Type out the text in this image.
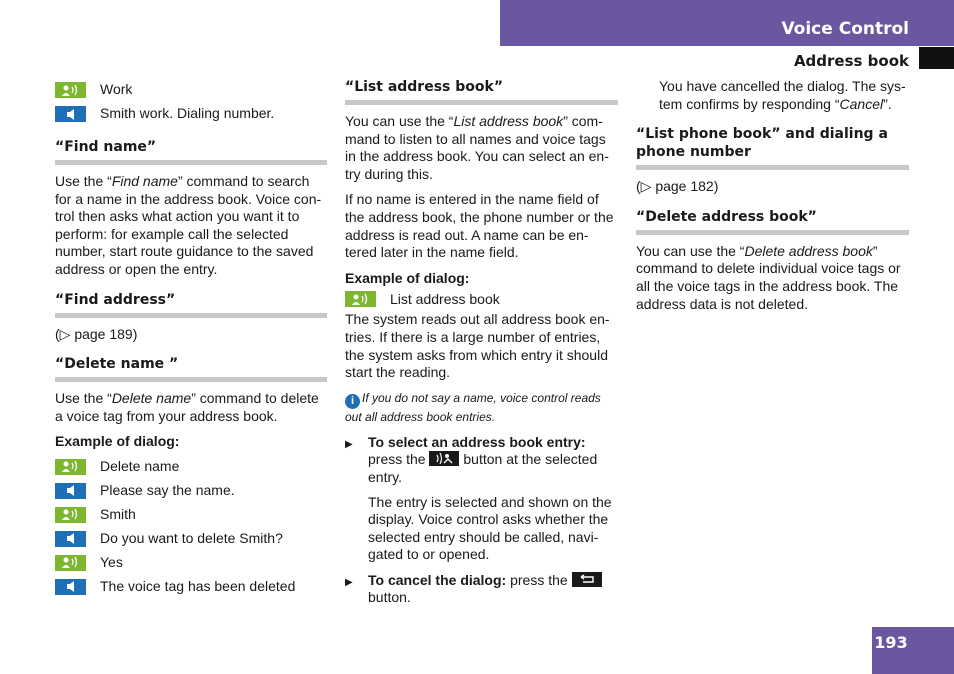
Voice Control
Address book
Work
Smith work. Dialing number.
“Find name”

Use the “Find name” command to search for a name in the address book. Voice con-trol then asks what action you want it to perform: for example call the selected number, start route guidance to the saved address or open the entry.

“Find address”

(▷ page 189)

“Delete name ”

Use the “Delete name” command to delete a voice tag from your address book.

Example of dialog:

Delete name
Please say the name.
Smith
Do you want to delete Smith?
Yes
The voice tag has been deleted
“List address book”

You can use the “List address book” com-mand to listen to all names and voice tags in the address book. You can select an en-try during this.

If no name is entered in the name field of the address book, the phone number or the address is read out. A name can be en-tered later in the name field.

Example of dialog:

List address book

The system reads out all address book en-tries. If there is a large number of entries, the system asks from which entry it should start the reading.

i If you do not say a name, voice control reads out all address book entries.

▶	To select an address book entry:
press the	button at the selected entry.

The entry is selected and shown on the display. Voice control asks whether the selected entry should be called, navi-gated to or opened.

▶	To cancel the dialog: press the

button.

You have cancelled the dialog. The sys-tem confirms by responding “Cancel”.

“List phone book” and dialing a phone number

(▷ page 182)

“Delete address book”

You can use the “Delete address book” command to delete individual voice tags or all the voice tags in the address book. The address data is not deleted.

193
